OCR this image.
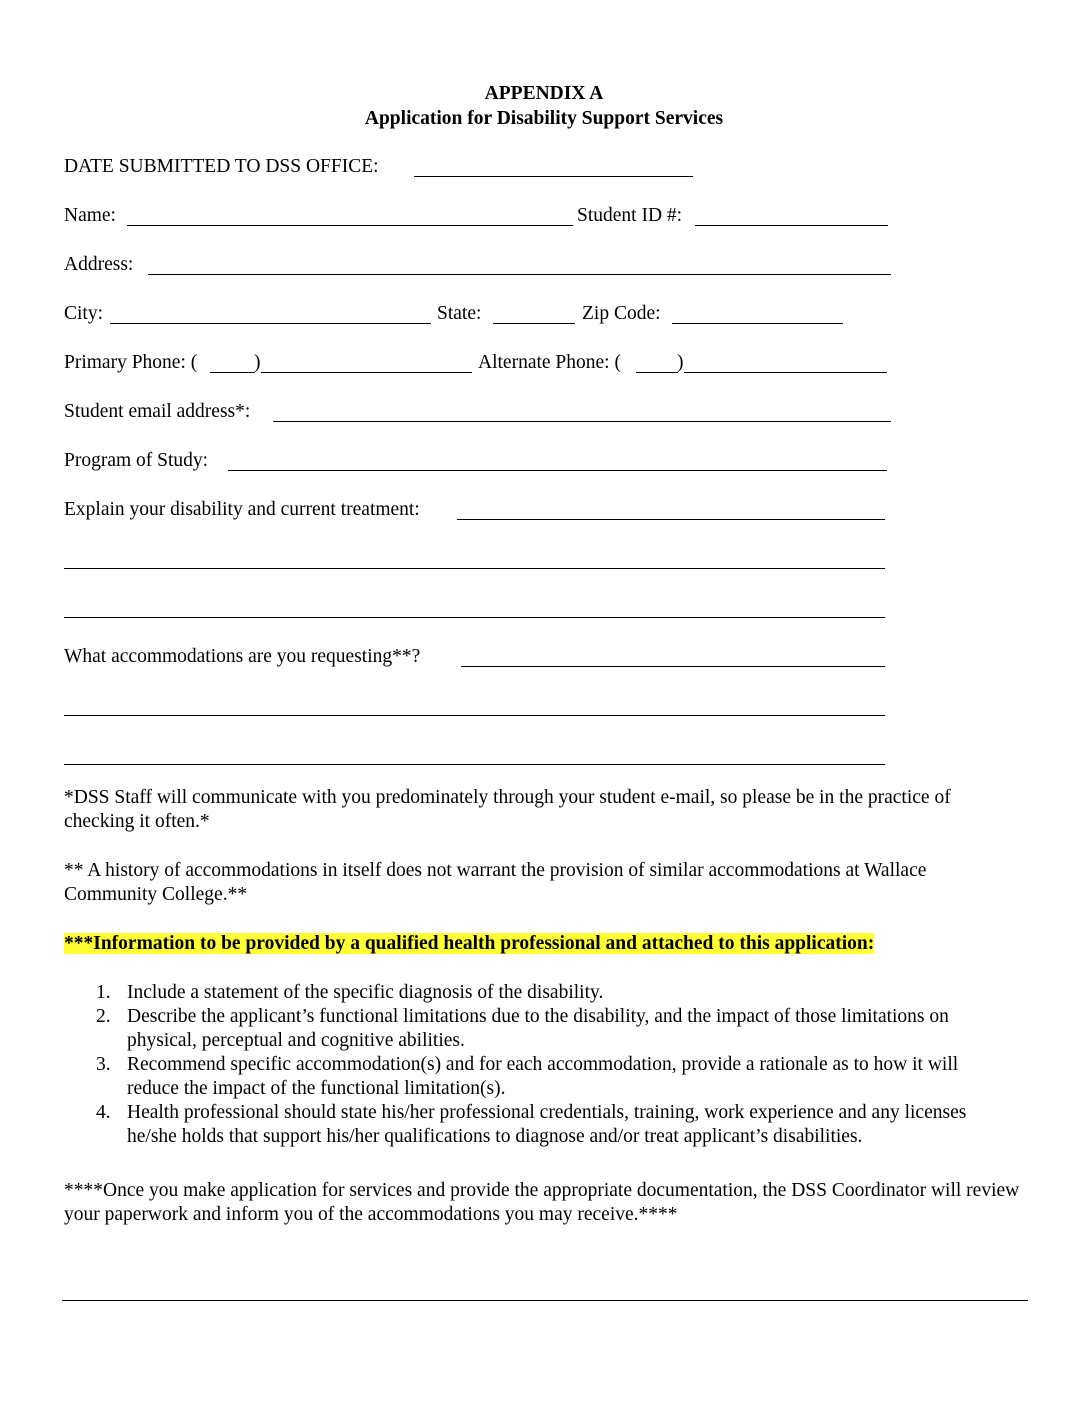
APPENDIX A
Application for Disability Support Services
DATE SUBMITTED TO DSS OFFICE:
Name:	Student ID #:
Address:
City:	State:	Zip Code:
Primary Phone: (	)	Alternate Phone: (	)
Student email address*:
Program of Study:
Explain your disability and current treatment:
What accommodations are you requesting**?
*DSS Staff will communicate with you predominately through your student e-mail, so please be in the practice of checking it often.*
** A history of accommodations in itself does not warrant the provision of similar accommodations at Wallace Community College.**
***Information to be provided by a qualified health professional and attached to this application:
1. Include a statement of the specific diagnosis of the disability.
2. Describe the applicant’s functional limitations due to the disability, and the impact of those limitations on physical, perceptual and cognitive abilities.
3. Recommend specific accommodation(s) and for each accommodation, provide a rationale as to how it will reduce the impact of the functional limitation(s).
4. Health professional should state his/her professional credentials, training, work experience and any licenses he/she holds that support his/her qualifications to diagnose and/or treat applicant’s disabilities.
****Once you make application for services and provide the appropriate documentation, the DSS Coordinator will review your paperwork and inform you of the accommodations you may receive.****
